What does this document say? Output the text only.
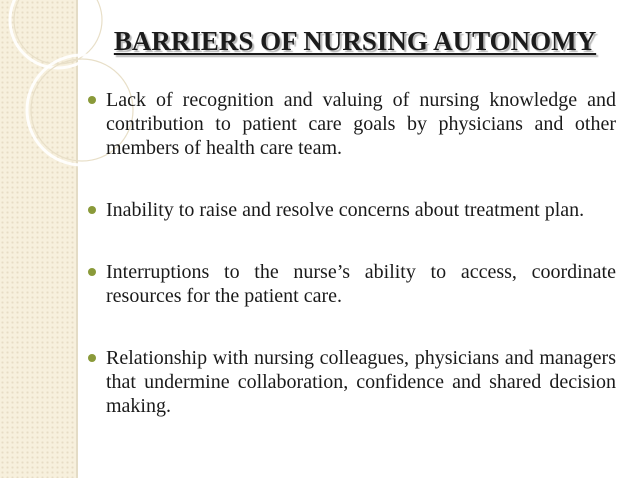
BARRIERS OF NURSING AUTONOMY
Lack of recognition and valuing of nursing knowledge and contribution to patient care goals by physicians and other members of health care team.
Inability to raise and resolve concerns about treatment plan.
Interruptions to the nurse’s ability to access, coordinate resources for the patient care.
Relationship with nursing colleagues, physicians and managers that undermine collaboration, confidence and shared decision making.
